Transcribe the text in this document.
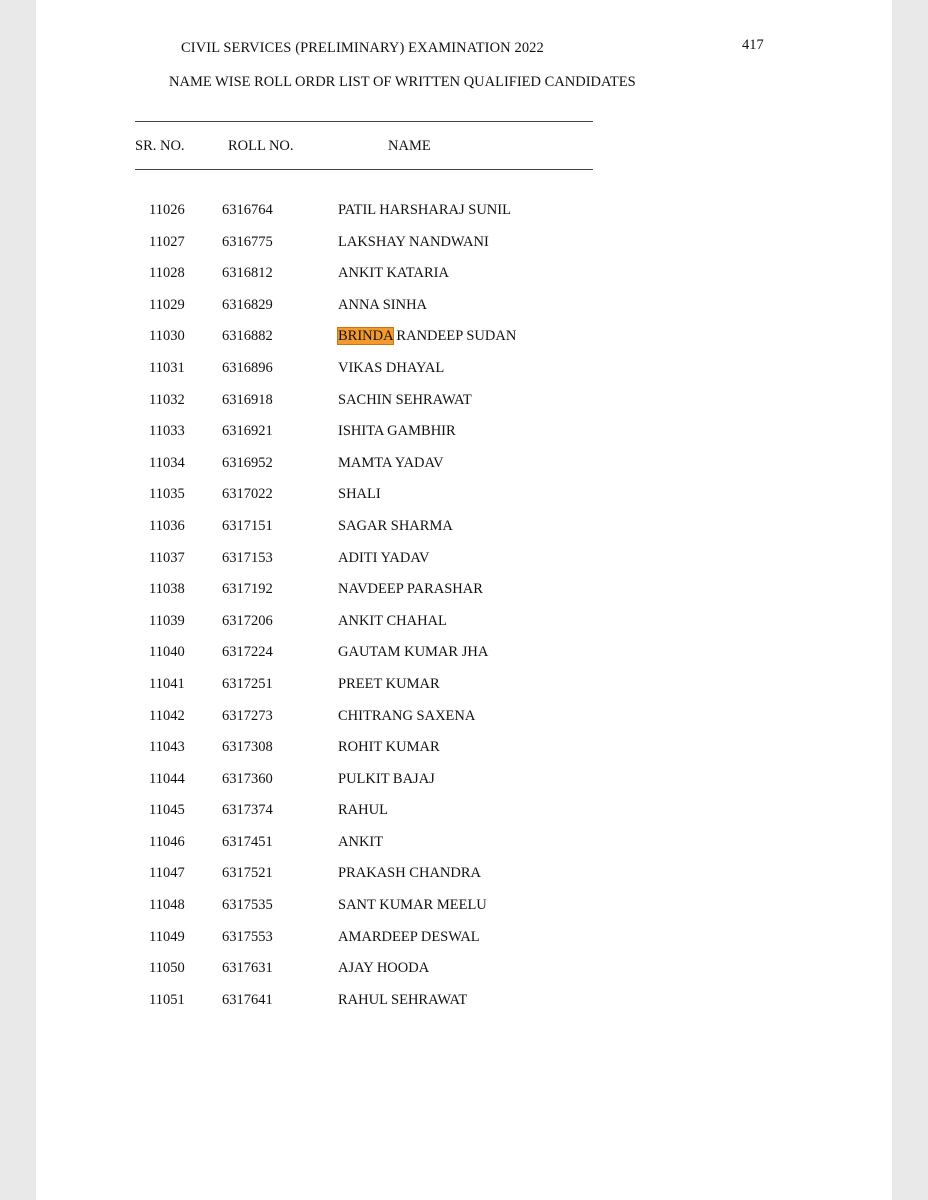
CIVIL SERVICES (PRELIMINARY) EXAMINATION 2022	417
NAME WISE ROLL ORDR LIST OF WRITTEN QUALIFIED CANDIDATES
SR. NO.	ROLL NO.	NAME
11026	6316764	PATIL HARSHARAJ SUNIL
11027	6316775	LAKSHAY NANDWANI
11028	6316812	ANKIT KATARIA
11029	6316829	ANNA SINHA
11030	6316882	BRINDA RANDEEP SUDAN
11031	6316896	VIKAS DHAYAL
11032	6316918	SACHIN SEHRAWAT
11033	6316921	ISHITA GAMBHIR
11034	6316952	MAMTA YADAV
11035	6317022	SHALI
11036	6317151	SAGAR SHARMA
11037	6317153	ADITI YADAV
11038	6317192	NAVDEEP PARASHAR
11039	6317206	ANKIT CHAHAL
11040	6317224	GAUTAM KUMAR JHA
11041	6317251	PREET KUMAR
11042	6317273	CHITRANG SAXENA
11043	6317308	ROHIT KUMAR
11044	6317360	PULKIT BAJAJ
11045	6317374	RAHUL
11046	6317451	ANKIT
11047	6317521	PRAKASH CHANDRA
11048	6317535	SANT KUMAR MEELU
11049	6317553	AMARDEEP DESWAL
11050	6317631	AJAY HOODA
11051	6317641	RAHUL SEHRAWAT
